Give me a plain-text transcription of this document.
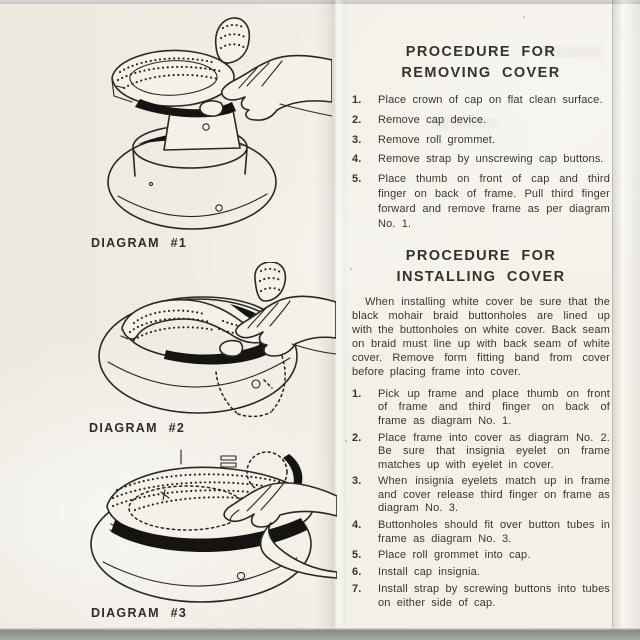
DIAGRAM #1
DIAGRAM #2
DIAGRAM #3
PROCEDURE FOR
REMOVING COVER
1.	Place crown of cap on flat clean surface.
2.	Remove cap device.
3.	Remove roll grommet.
4.	Remove strap by unscrewing cap buttons.
5.	Place thumb on front of cap and third finger on back of frame. Pull third finger forward and remove frame as per diagram No. 1.
PROCEDURE FOR
INSTALLING COVER

When installing white cover be sure that the black mohair braid buttonholes are lined up with the buttonholes on white cover. Back seam on braid must line up with back seam of white cover. Remove form fitting band from cover before placing frame into cover.

1.	Pick up frame and place thumb on front of frame and third finger on back of frame as diagram No. 1.
2.	Place frame into cover as diagram No. 2. Be sure that insignia eyelet on frame matches up with eyelet in cover.
3.	When insignia eyelets match up in frame and cover release third finger on frame as diagram No. 3.
4.	Buttonholes should fit over button tubes in frame as diagram No. 3.
5.	Place roll grommet into cap.
6.	Install cap insignia.
7.	Install strap by screwing buttons into tubes on either side of cap.
